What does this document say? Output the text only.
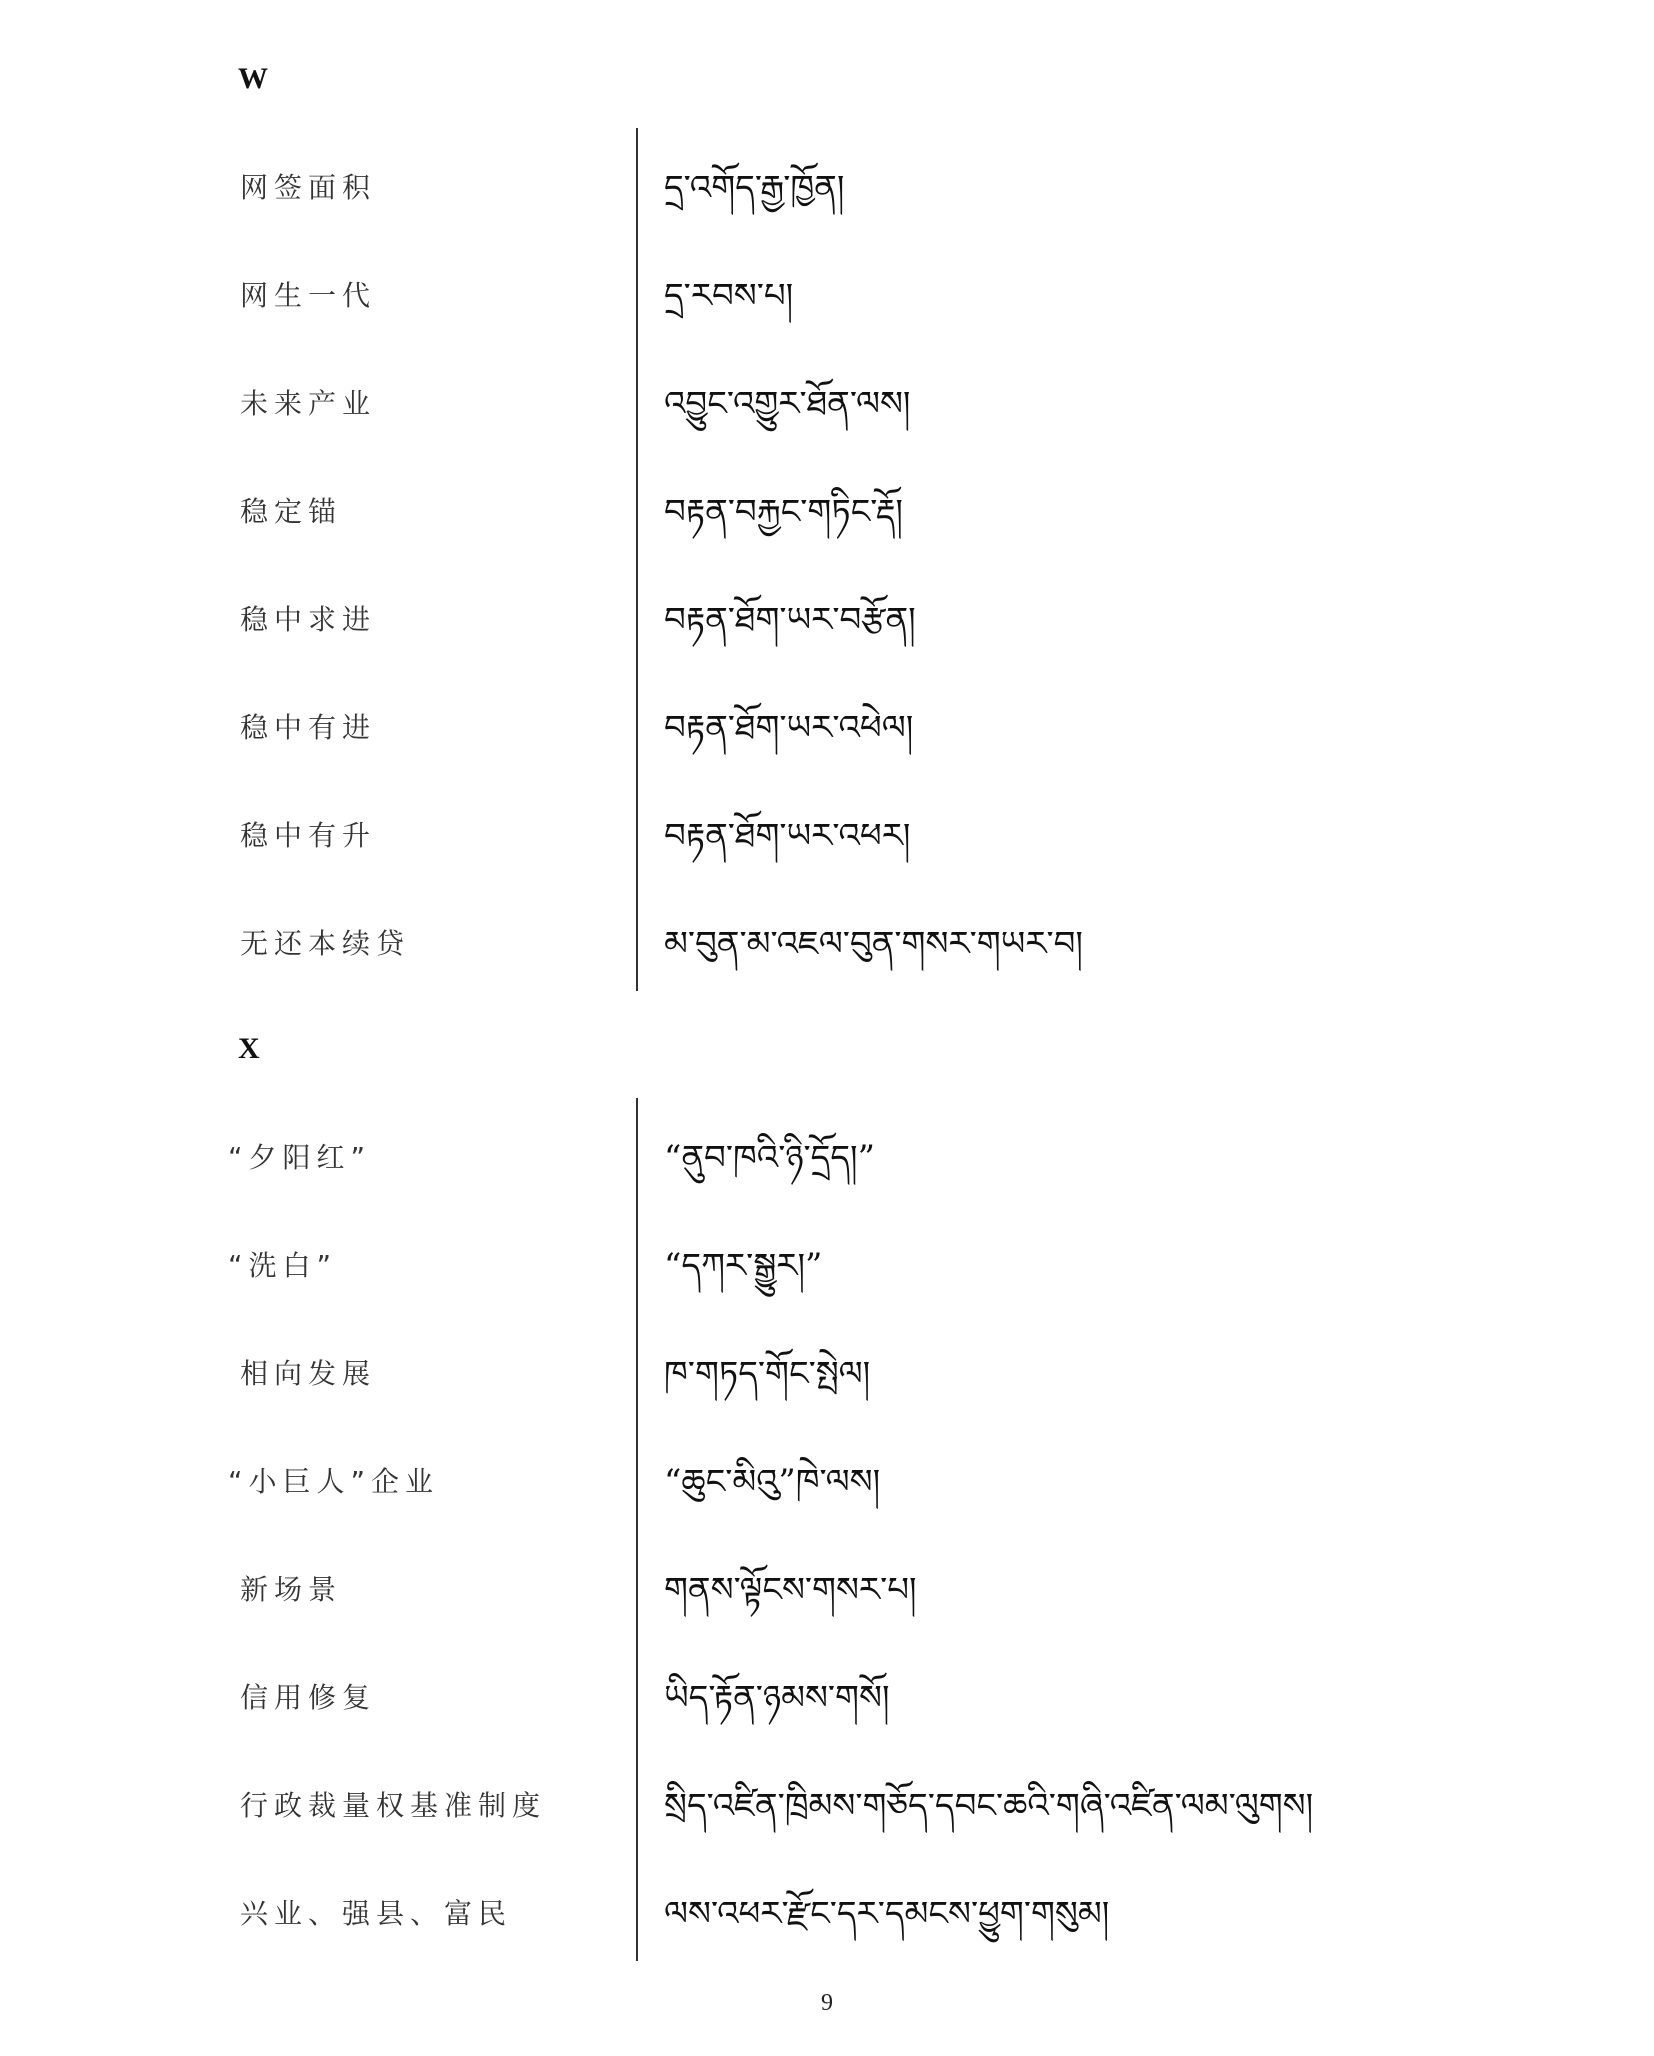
W
网签面积	དྲ་འགོད་རྒྱ་ཁྱོན།
网生一代	དྲ་རབས་པ།
未来产业	འབྱུང་འགྱུར་ཐོན་ལས།
稳定锚	བརྟན་བརྐྱང་གཏིང་རྡོ།
稳中求进	བརྟན་ཐོག་ཡར་བརྩོན།
稳中有进	བརྟན་ཐོག་ཡར་འཕེལ།
稳中有升	བརྟན་ཐོག་ཡར་འཕར།
无还本续贷	མ་བུན་མ་འཇལ་བུན་གསར་གཡར་བ།
X
“夕阳红”	“ནུབ་ཁའི་ཉི་དྲོད།”
“洗白”	“དཀར་སྒྱུར།”
相向发展	ཁ་གཏད་གོང་སྤེལ།
“小巨人”企业	“ཆུང་མིའུ”ཁེ་ལས།
新场景	གནས་ལྟོངས་གསར་པ།
信用修复	ཡིད་རྟོན་ཉམས་གསོ།
行政裁量权基准制度	སྲིད་འཛིན་ཁྲིམས་གཅོད་དབང་ཆའི་གཞི་འཛིན་ལམ་ལུགས།
兴业、强县、富民	ལས་འཕར་རྫོང་དར་དམངས་ཕྱུག་གསུམ།
9
